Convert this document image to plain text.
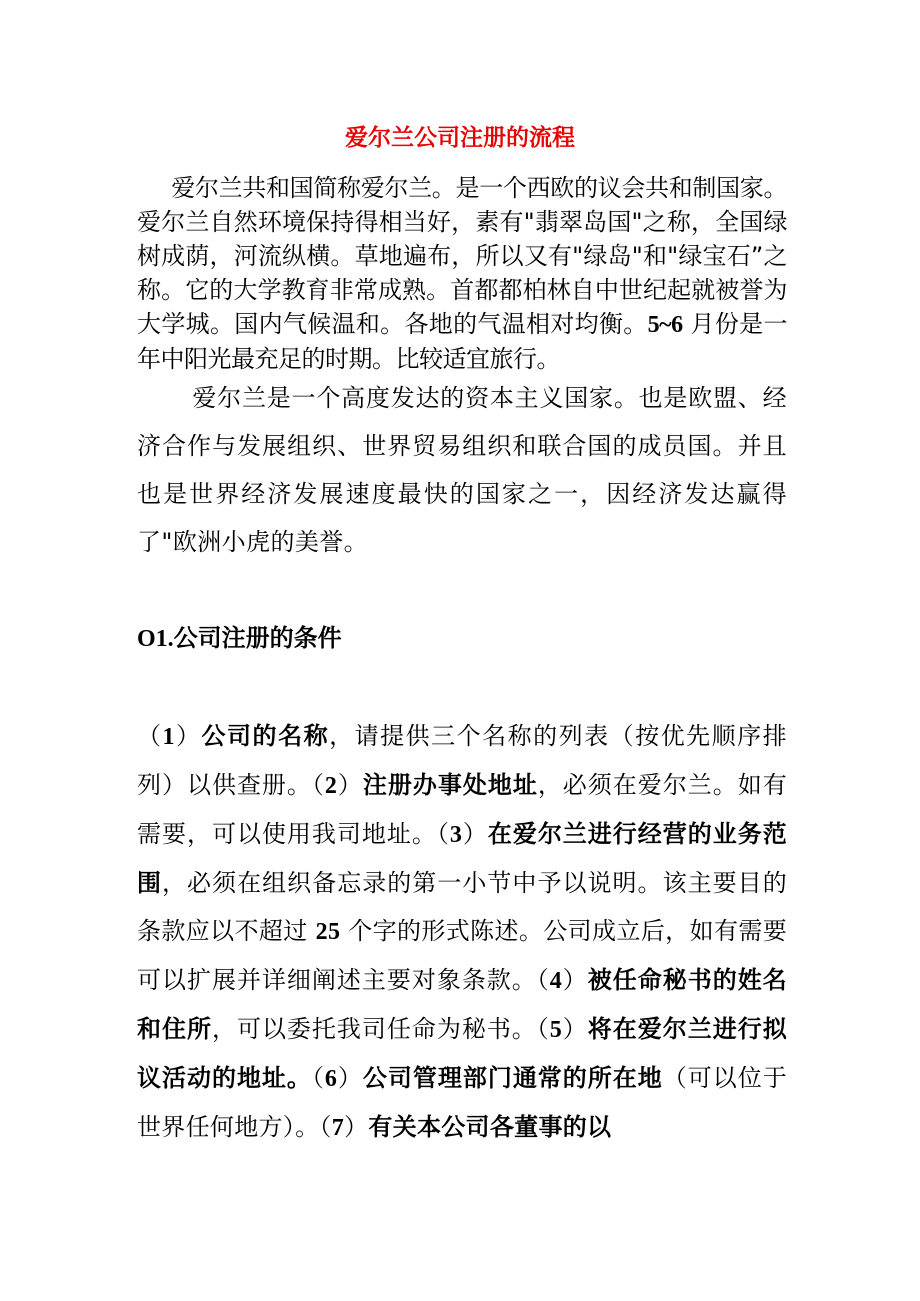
爱尔兰公司注册的流程

爱尔兰共和国简称爱尔兰。是一个西欧的议会共和制国家。爱尔兰自然环境保持得相当好，素有"翡翠岛国"之称，全国绿树成荫，河流纵横。草地遍布，所以又有"绿岛"和"绿宝石”之称。它的大学教育非常成熟。首都都柏林自中世纪起就被誉为大学城。国内气候温和。各地的气温相对均衡。5~6 月份是一年中阳光最充足的时期。比较适宜旅行。

爱尔兰是一个高度发达的资本主义国家。也是欧盟、经济合作与发展组织、世界贸易组织和联合国的成员国。并且也是世界经济发展速度最快的国家之一，因经济发达赢得了"欧洲小虎的美誉。

O1.公司注册的条件

（1）公司的名称，请提供三个名称的列表（按优先顺序排列）以供查册。（2）注册办事处地址，必须在爱尔兰。如有需要，可以使用我司地址。（3）在爱尔兰进行经营的业务范围，必须在组织备忘录的第一小节中予以说明。该主要目的条款应以不超过 25 个字的形式陈述。公司成立后，如有需要可以扩展并详细阐述主要对象条款。（4）被任命秘书的姓名和住所，可以委托我司任命为秘书。（5）将在爱尔兰进行拟议活动的地址。（6）公司管理部门通常的所在地（可以位于世界任何地方）。（7）有关本公司各董事的以
